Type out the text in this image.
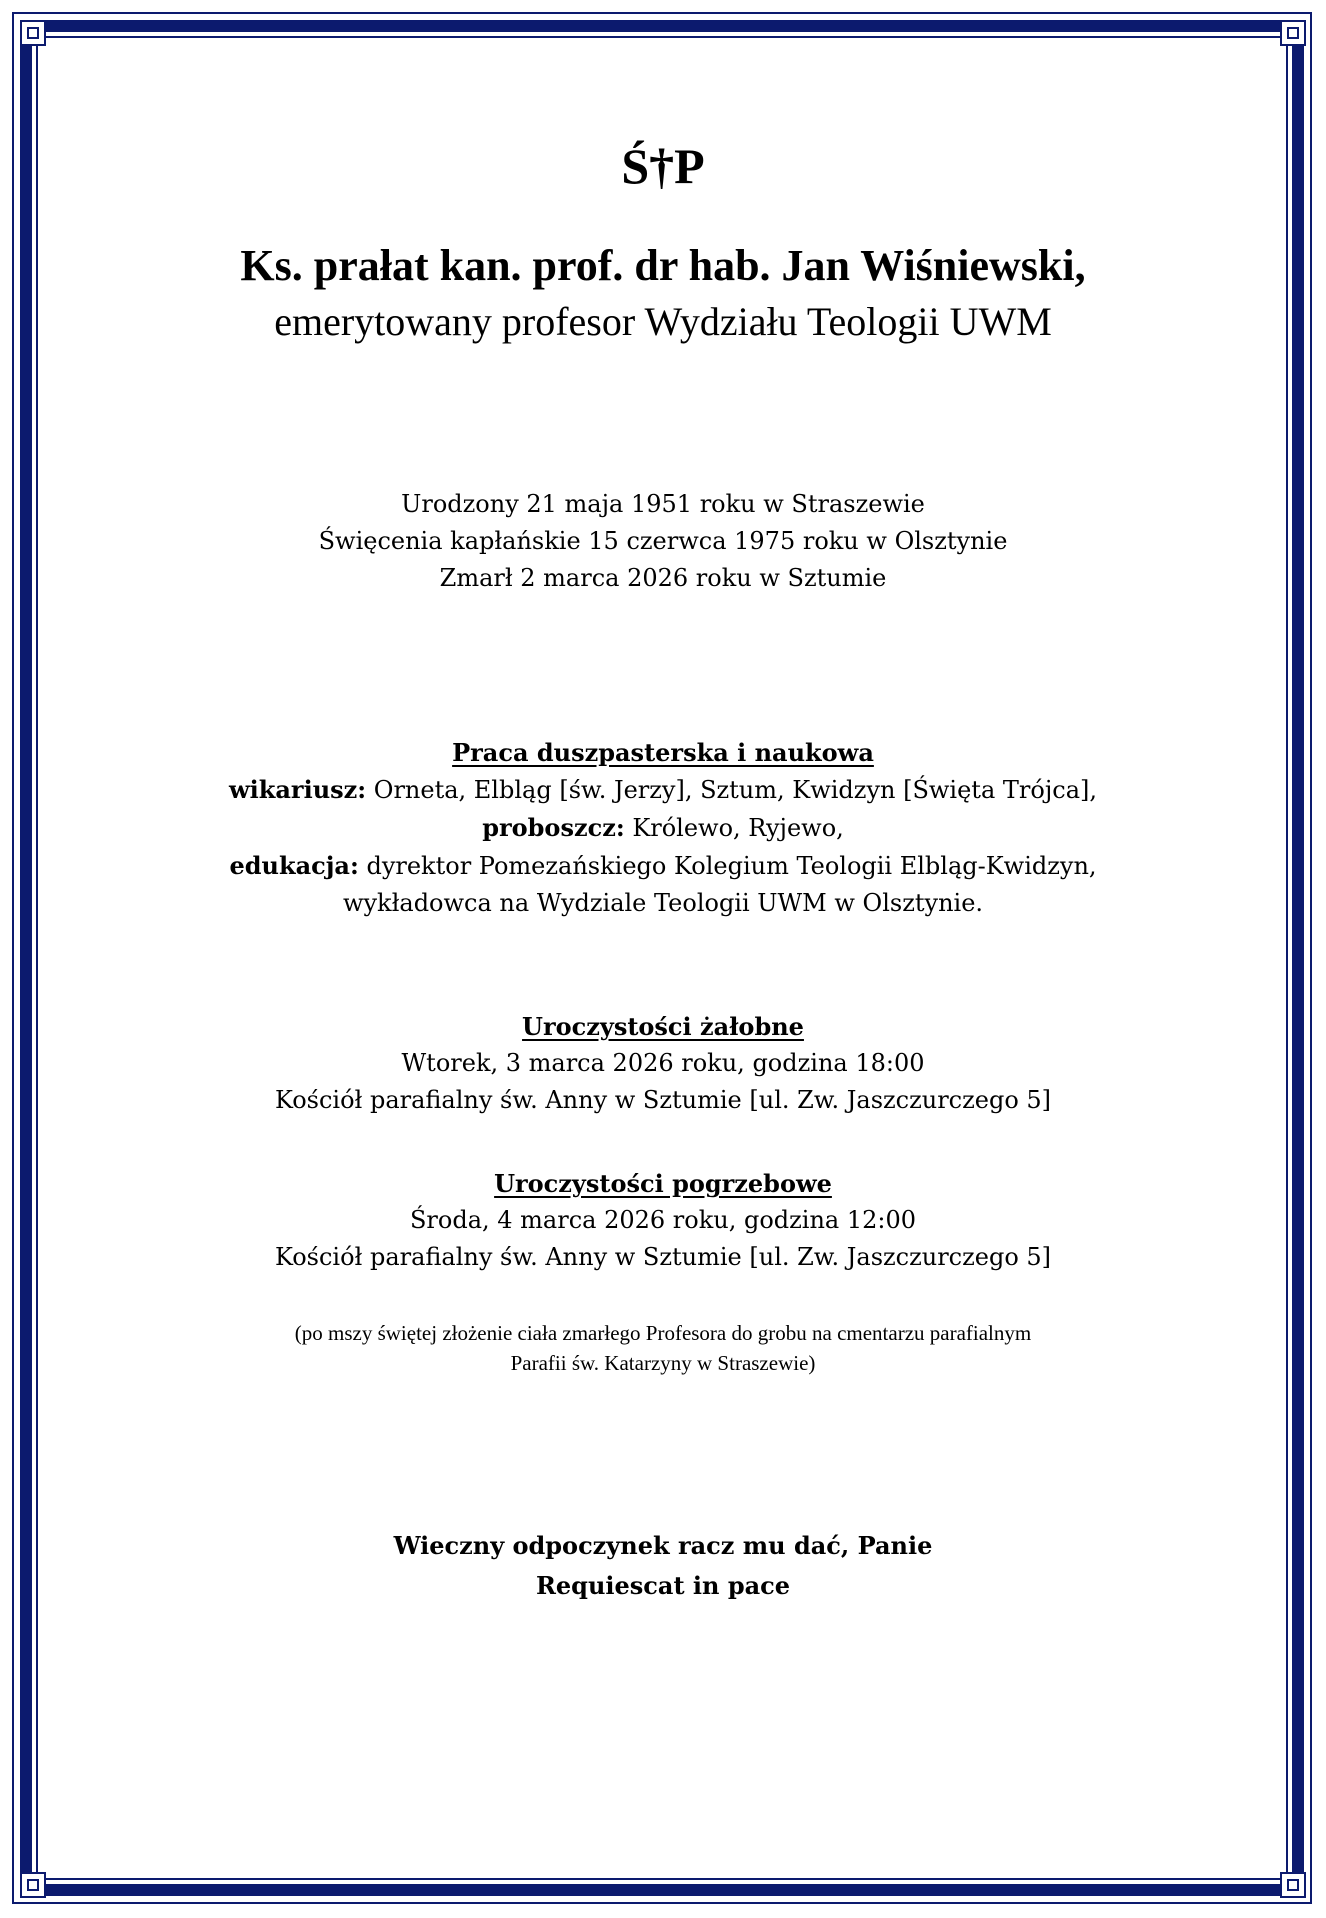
Ś†P
Ks. prałat kan. prof. dr hab. Jan Wiśniewski,
emerytowany profesor Wydziału Teologii UWM
Urodzony 21 maja 1951 roku w Straszewie
Święcenia kapłańskie 15 czerwca 1975 roku w Olsztynie
Zmarł 2 marca 2026 roku w Sztumie
Praca duszpasterska i naukowa
wikariusz: Orneta, Elbląg [św. Jerzy], Sztum, Kwidzyn [Święta Trójca],
proboszcz: Królewo, Ryjewo,
edukacja: dyrektor Pomezańskiego Kolegium Teologii Elbląg-Kwidzyn,
wykładowca na Wydziale Teologii UWM w Olsztynie.
Uroczystości żałobne
Wtorek, 3 marca 2026 roku, godzina 18:00
Kościół parafialny św. Anny w Sztumie [ul. Zw. Jaszczurczego 5]
Uroczystości pogrzebowe
Środa, 4 marca 2026 roku, godzina 12:00
Kościół parafialny św. Anny w Sztumie [ul. Zw. Jaszczurczego 5]
(po mszy świętej złożenie ciała zmarłego Profesora do grobu na cmentarzu parafialnym
Parafii św. Katarzyny w Straszewie)
Wieczny odpoczynek racz mu dać, Panie
Requiescat in pace
